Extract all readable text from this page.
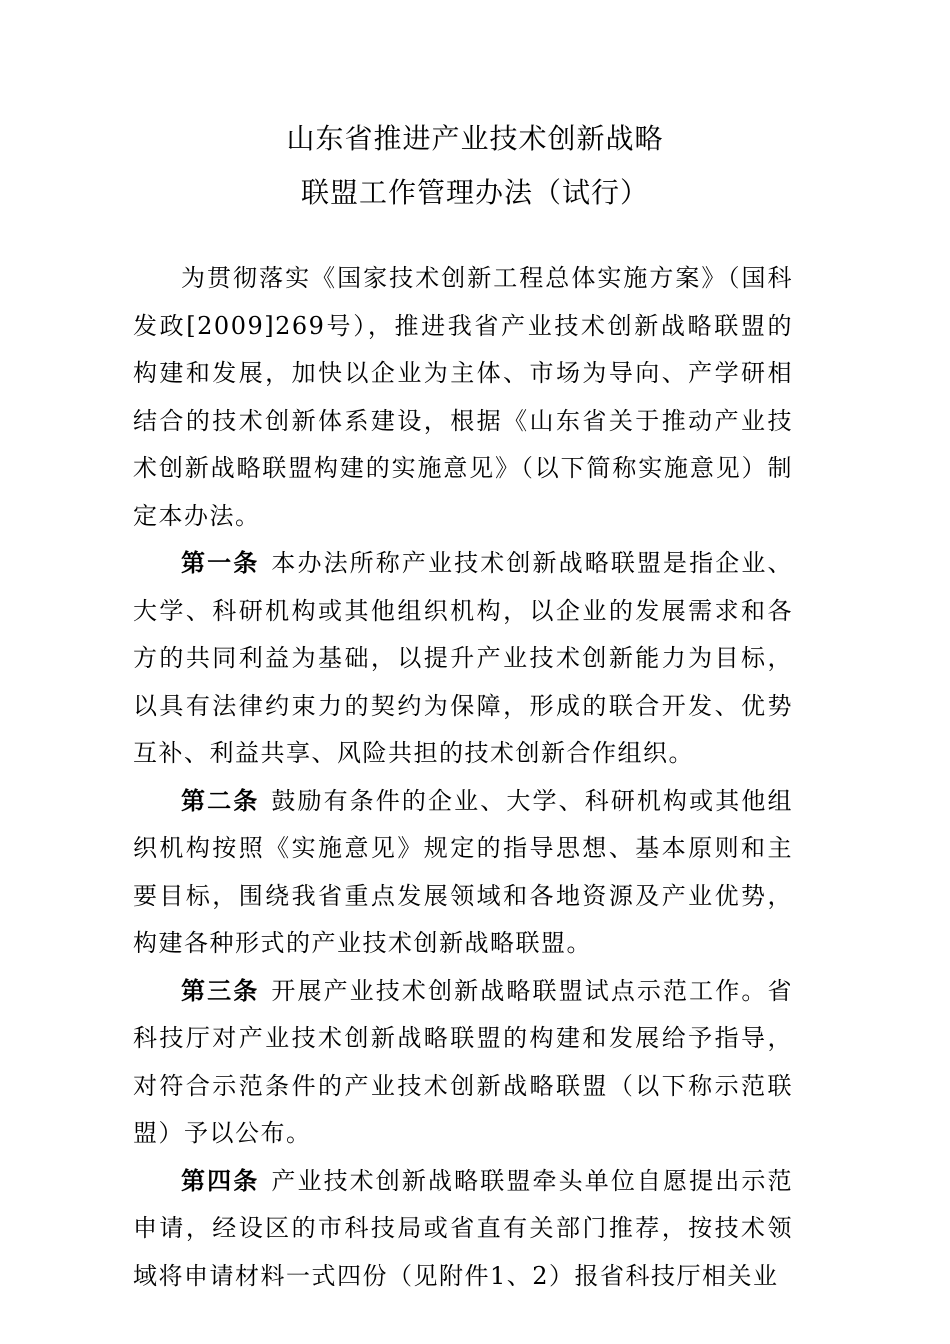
山东省推进产业技术创新战略
联盟工作管理办法（试行）

为贯彻落实《国家技术创新工程总体实施方案》（国科发政[2009]269号），推进我省产业技术创新战略联盟的构建和发展，加快以企业为主体、市场为导向、产学研相结合的技术创新体系建设，根据《山东省关于推动产业技术创新战略联盟构建的实施意见》（以下简称实施意见）制定本办法。

第一条 本办法所称产业技术创新战略联盟是指企业、大学、科研机构或其他组织机构，以企业的发展需求和各方的共同利益为基础，以提升产业技术创新能力为目标，以具有法律约束力的契约为保障，形成的联合开发、优势互补、利益共享、风险共担的技术创新合作组织。

第二条 鼓励有条件的企业、大学、科研机构或其他组织机构按照《实施意见》规定的指导思想、基本原则和主要目标，围绕我省重点发展领域和各地资源及产业优势，构建各种形式的产业技术创新战略联盟。

第三条 开展产业技术创新战略联盟试点示范工作。省科技厅对产业技术创新战略联盟的构建和发展给予指导，对符合示范条件的产业技术创新战略联盟（以下称示范联盟）予以公布。

第四条 产业技术创新战略联盟牵头单位自愿提出示范申请，经设区的市科技局或省直有关部门推荐，按技术领域将申请材料一式四份（见附件1、2）报省科技厅相关业
